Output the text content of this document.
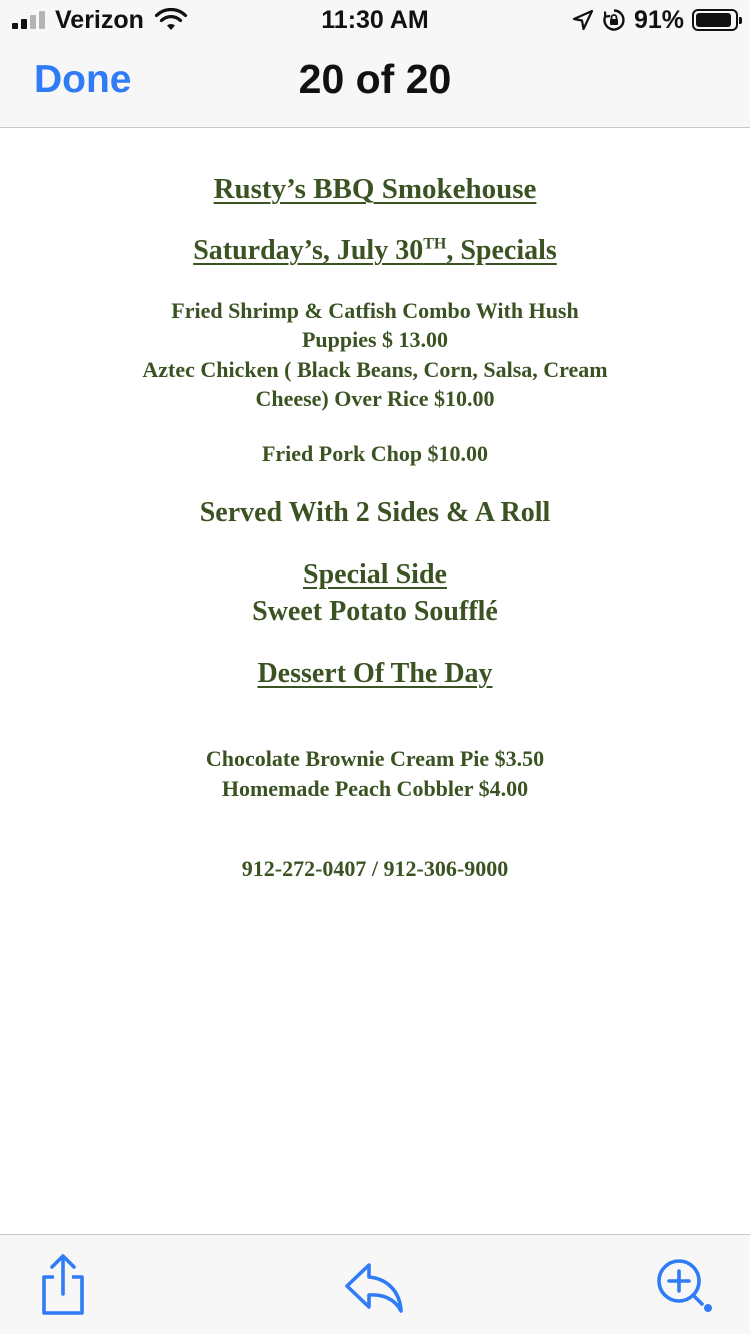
Verizon	11:30 AM	91%
Done	20 of 20
Rusty’s BBQ Smokehouse
Saturday’s, July 30TH, Specials
Fried Shrimp & Catfish Combo With Hush
Puppies $ 13.00
Aztec Chicken ( Black Beans, Corn, Salsa, Cream
Cheese) Over Rice $10.00
Fried Pork Chop $10.00
Served With 2 Sides & A Roll
Special Side
Sweet Potato Soufflé
Dessert Of The Day
Chocolate Brownie Cream Pie $3.50
Homemade Peach Cobbler $4.00
912-272-0407 / 912-306-9000
